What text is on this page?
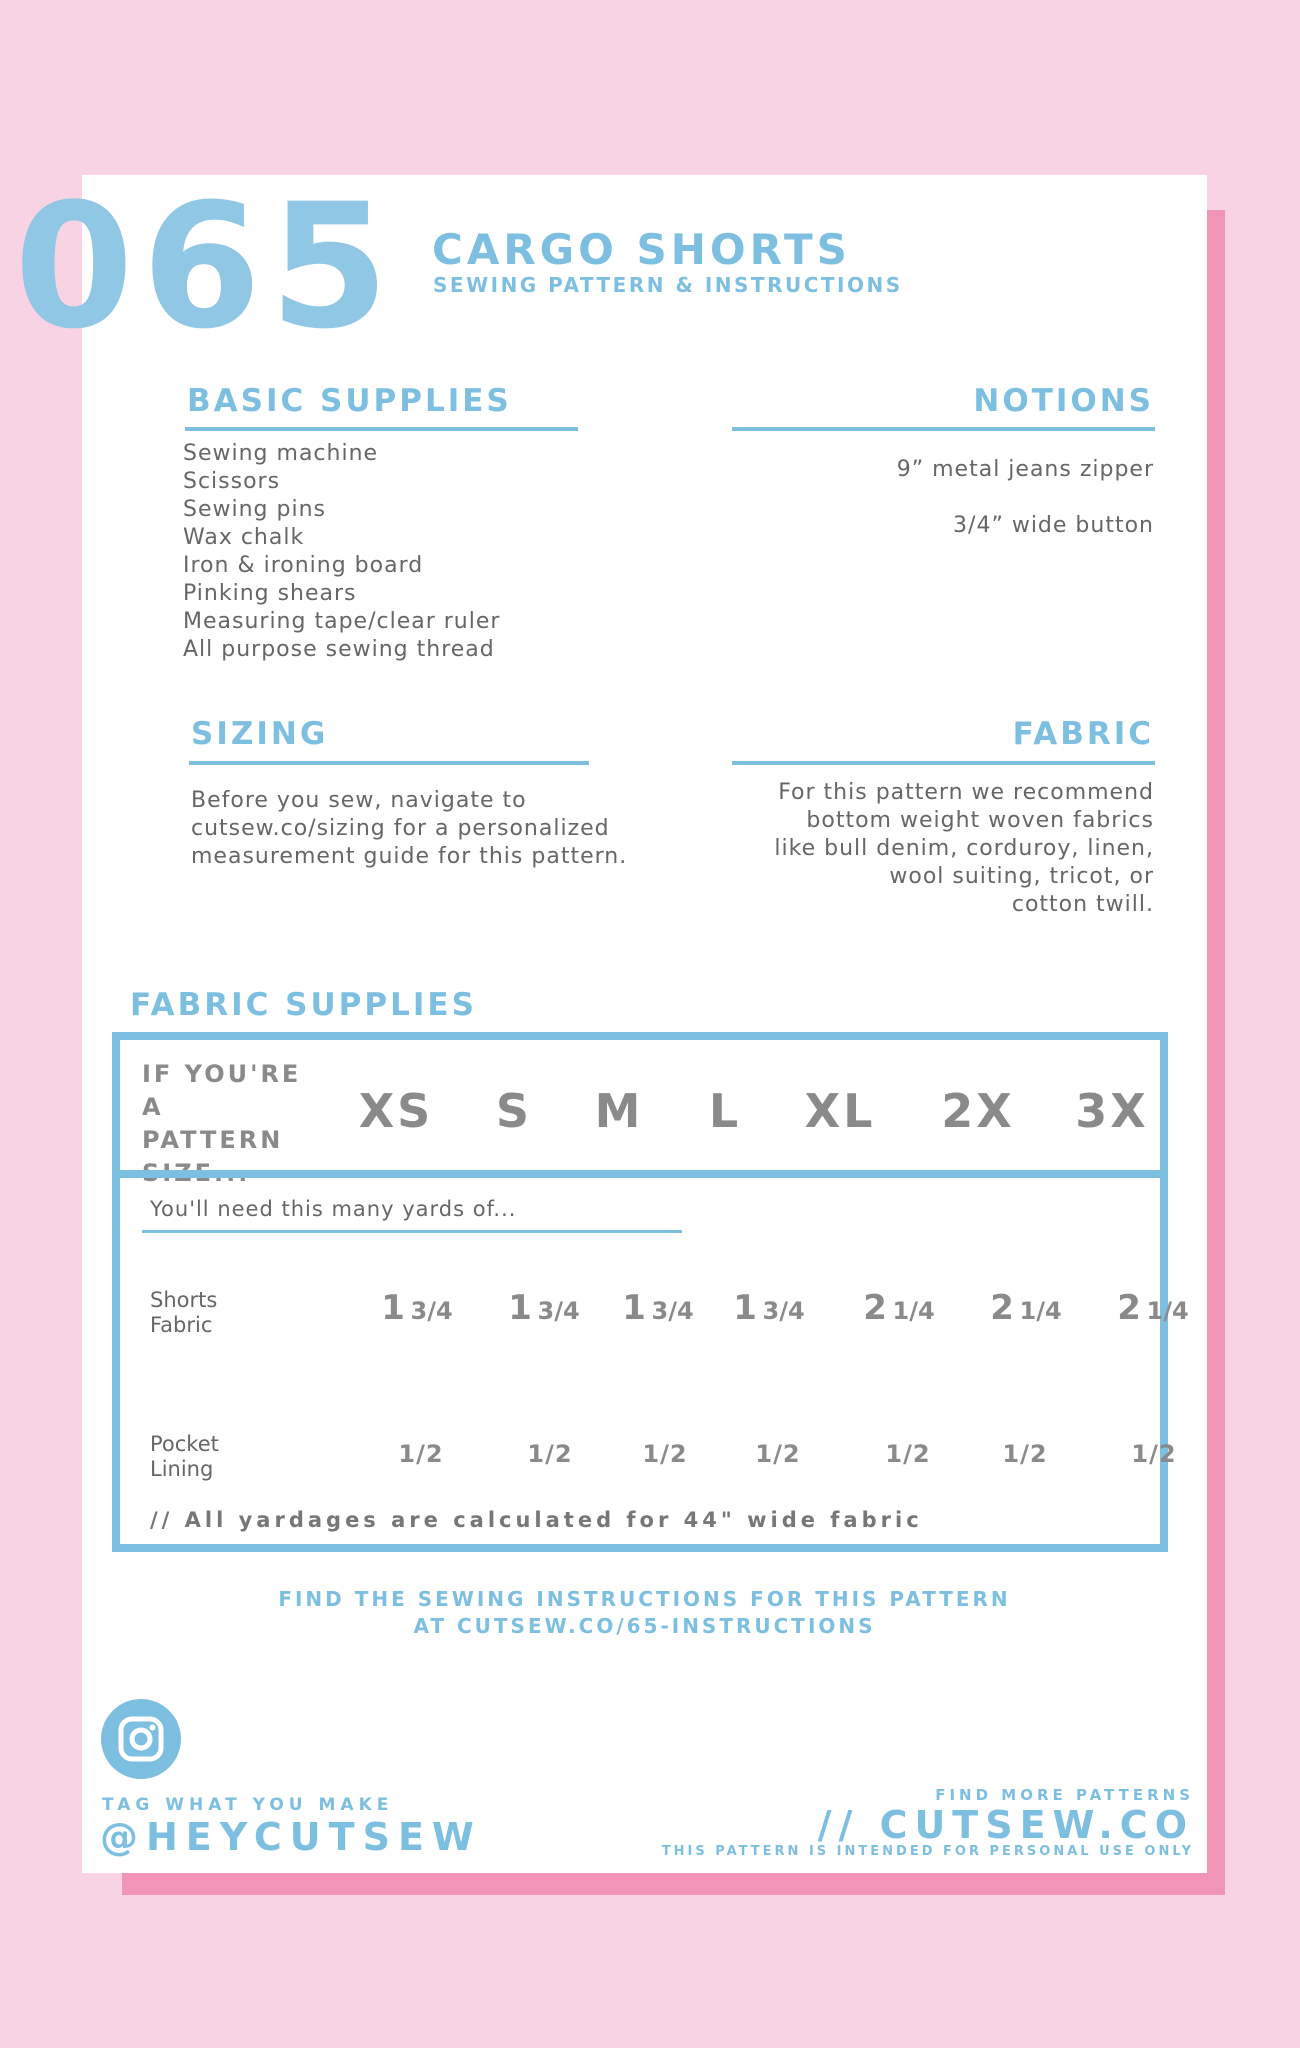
065 CARGO SHORTS
SEWING PATTERN & INSTRUCTIONS
BASIC SUPPLIES
Sewing machine
Scissors
Sewing pins
Wax chalk
Iron & ironing board
Pinking shears
Measuring tape/clear ruler
All purpose sewing thread
NOTIONS
9” metal jeans zipper
3/4” wide button
SIZING
Before you sew, navigate to
cutsew.co/sizing for a personalized
measurement guide for this pattern.
FABRIC
For this pattern we recommend
bottom weight woven fabrics
like bull denim, corduroy, linen,
wool suiting, tricot, or
cotton twill.
FABRIC SUPPLIES
IF YOU'RE A
PATTERN
XS	S	M	L	XL	2X	3X
You'll need this many yards of...
Shorts
Fabric	1 3/4	1 3/4	1 3/4	1 3/4	2 1/4	2 1/4	2 1/4
Pocket
Lining
1/2	1/2	1/2	1/2	1/2	1/2	1/2
// All yardages are calculated for 44" wide fabric
FIND THE SEWING INSTRUCTIONS FOR THIS PATTERN
AT CUTSEW.CO/65-INSTRUCTIONS
TAG WHAT YOU MAKE
@HEYCUTSEW
FIND MORE PATTERNS
// CUTSEW.CO
THIS PATTERN IS INTENDED FOR PERSONAL USE ONLY
